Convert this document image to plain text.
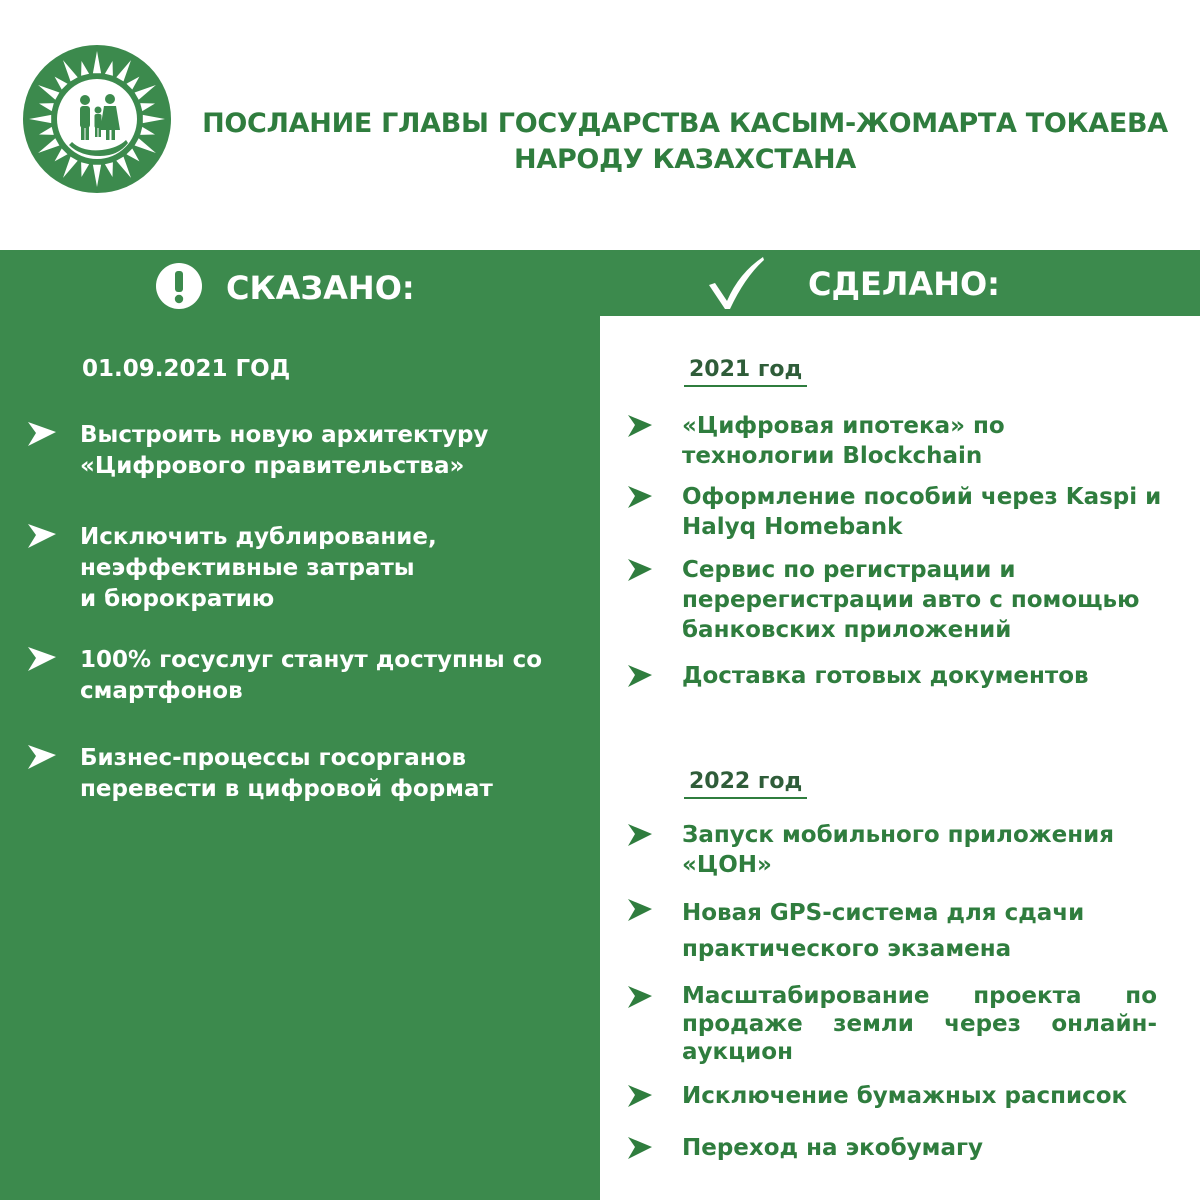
ПОСЛАНИЕ ГЛАВЫ ГОСУДАРСТВА КАСЫМ-ЖОМАРТА ТОКАЕВА
НАРОДУ КАЗАХСТАНА
СКАЗАНО:	СДЕЛАНО:
01.09.2021 ГОД
Выстроить новую архитектуру
«Цифрового правительства»
Исключить дублирование,
неэффективные затраты
и бюрократию
100% госуслуг станут доступны со
смартфонов
Бизнес-процессы госорганов
перевести в цифровой формат
2021 год
«Цифровая ипотека» по
технологии Blockchain
Оформление пособий через Kaspi и
Halyq Homebank
Сервис по регистрации и
перерегистрации авто с помощью
банковских приложений
Доставка готовых документов
2022 год
Запуск мобильного приложения
«ЦОН»
Новая GPS-система для сдачи
практического экзамена
Масштабирование проекта по продаже земли через онлайн-аукцион
Исключение бумажных расписок
Переход на экобумагу
